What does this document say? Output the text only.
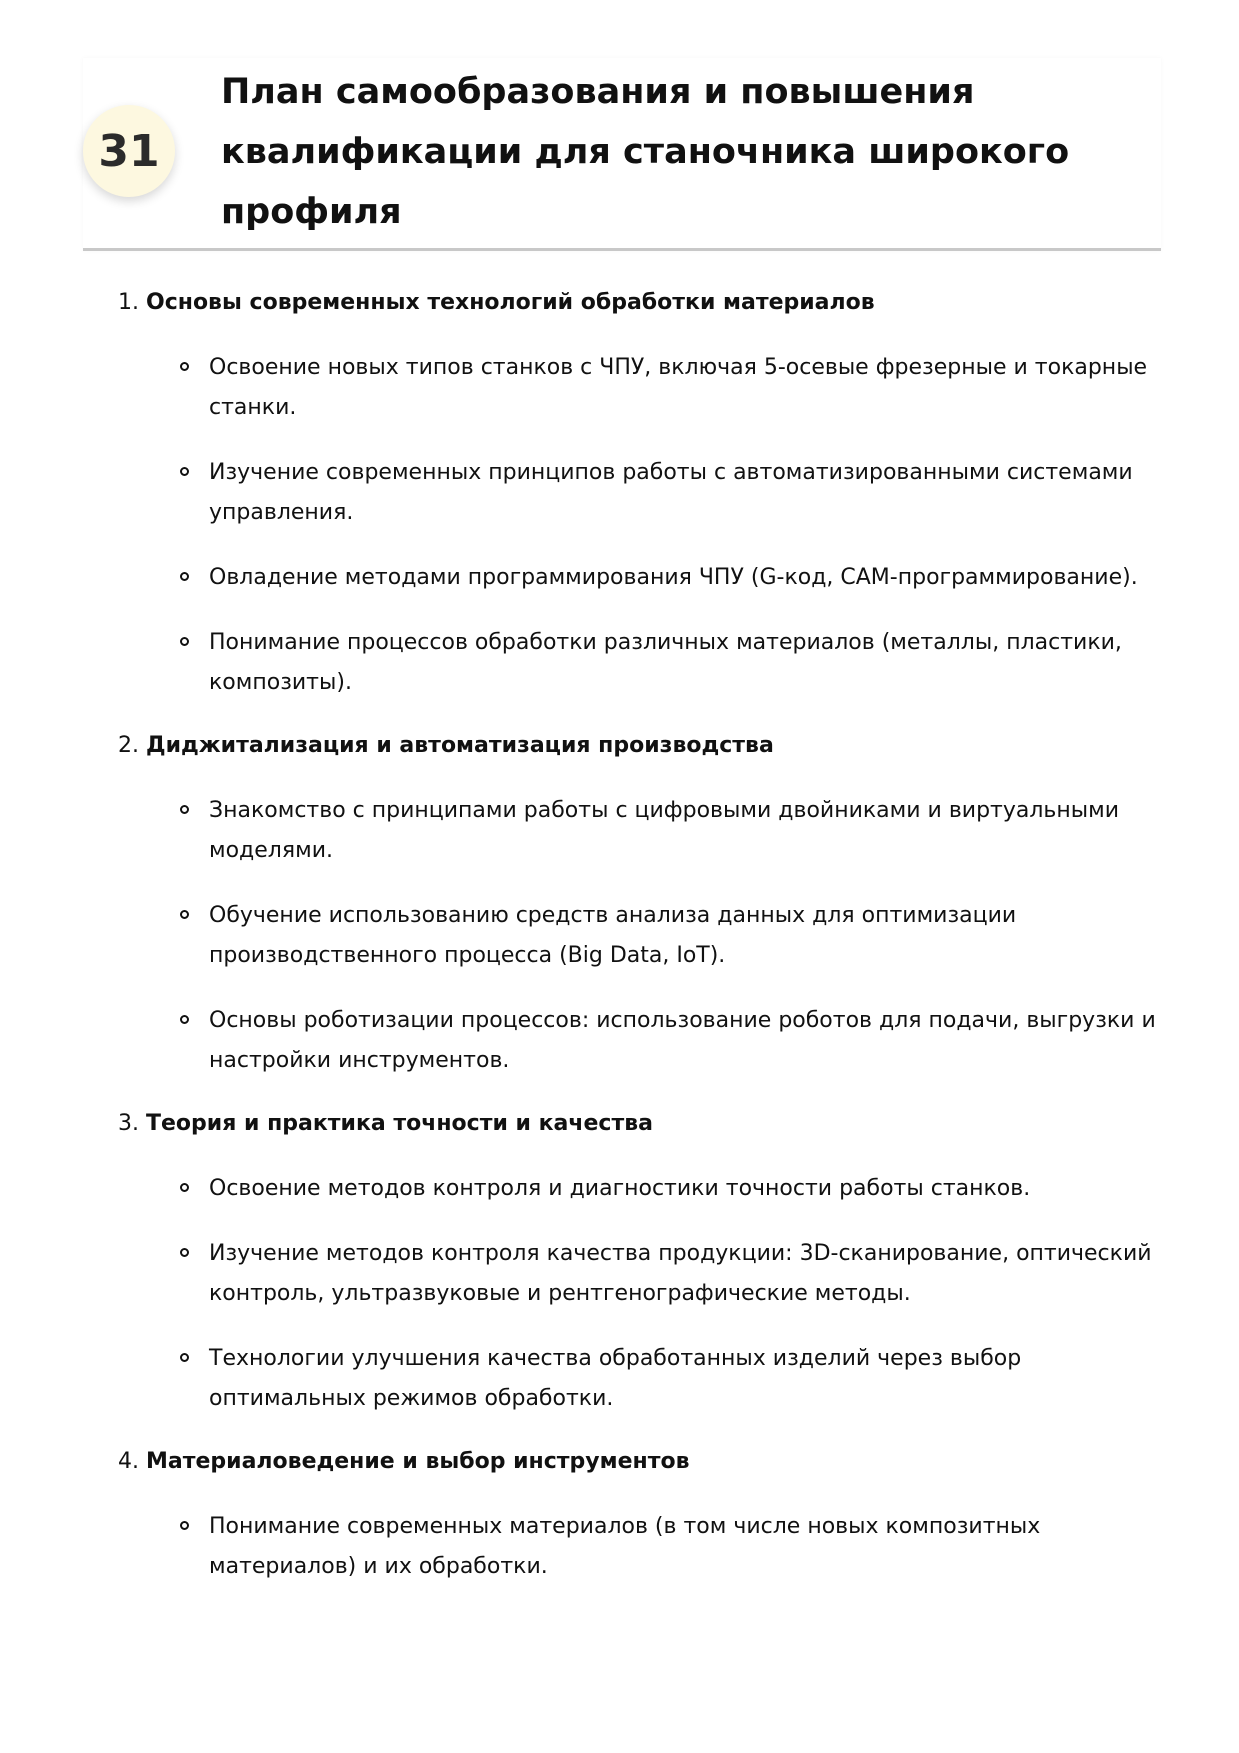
31
План самообразования и повышения квалификации для станочника широкого профиля
1. Основы современных технологий обработки материалов
Освоение новых типов станков с ЧПУ, включая 5-осевые фрезерные и токарные станки.
Изучение современных принципов работы с автоматизированными системами управления.
Овладение методами программирования ЧПУ (G-код, CAM-программирование).
Понимание процессов обработки различных материалов (металлы, пластики, композиты).
2. Диджитализация и автоматизация производства
Знакомство с принципами работы с цифровыми двойниками и виртуальными моделями.
Обучение использованию средств анализа данных для оптимизации производственного процесса (Big Data, IoT).
Основы роботизации процессов: использование роботов для подачи, выгрузки и настройки инструментов.
3. Теория и практика точности и качества
Освоение методов контроля и диагностики точности работы станков.
Изучение методов контроля качества продукции: 3D-сканирование, оптический контроль, ультразвуковые и рентгенографические методы.
Технологии улучшения качества обработанных изделий через выбор оптимальных режимов обработки.
4. Материаловедение и выбор инструментов
Понимание современных материалов (в том числе новых композитных материалов) и их обработки.
